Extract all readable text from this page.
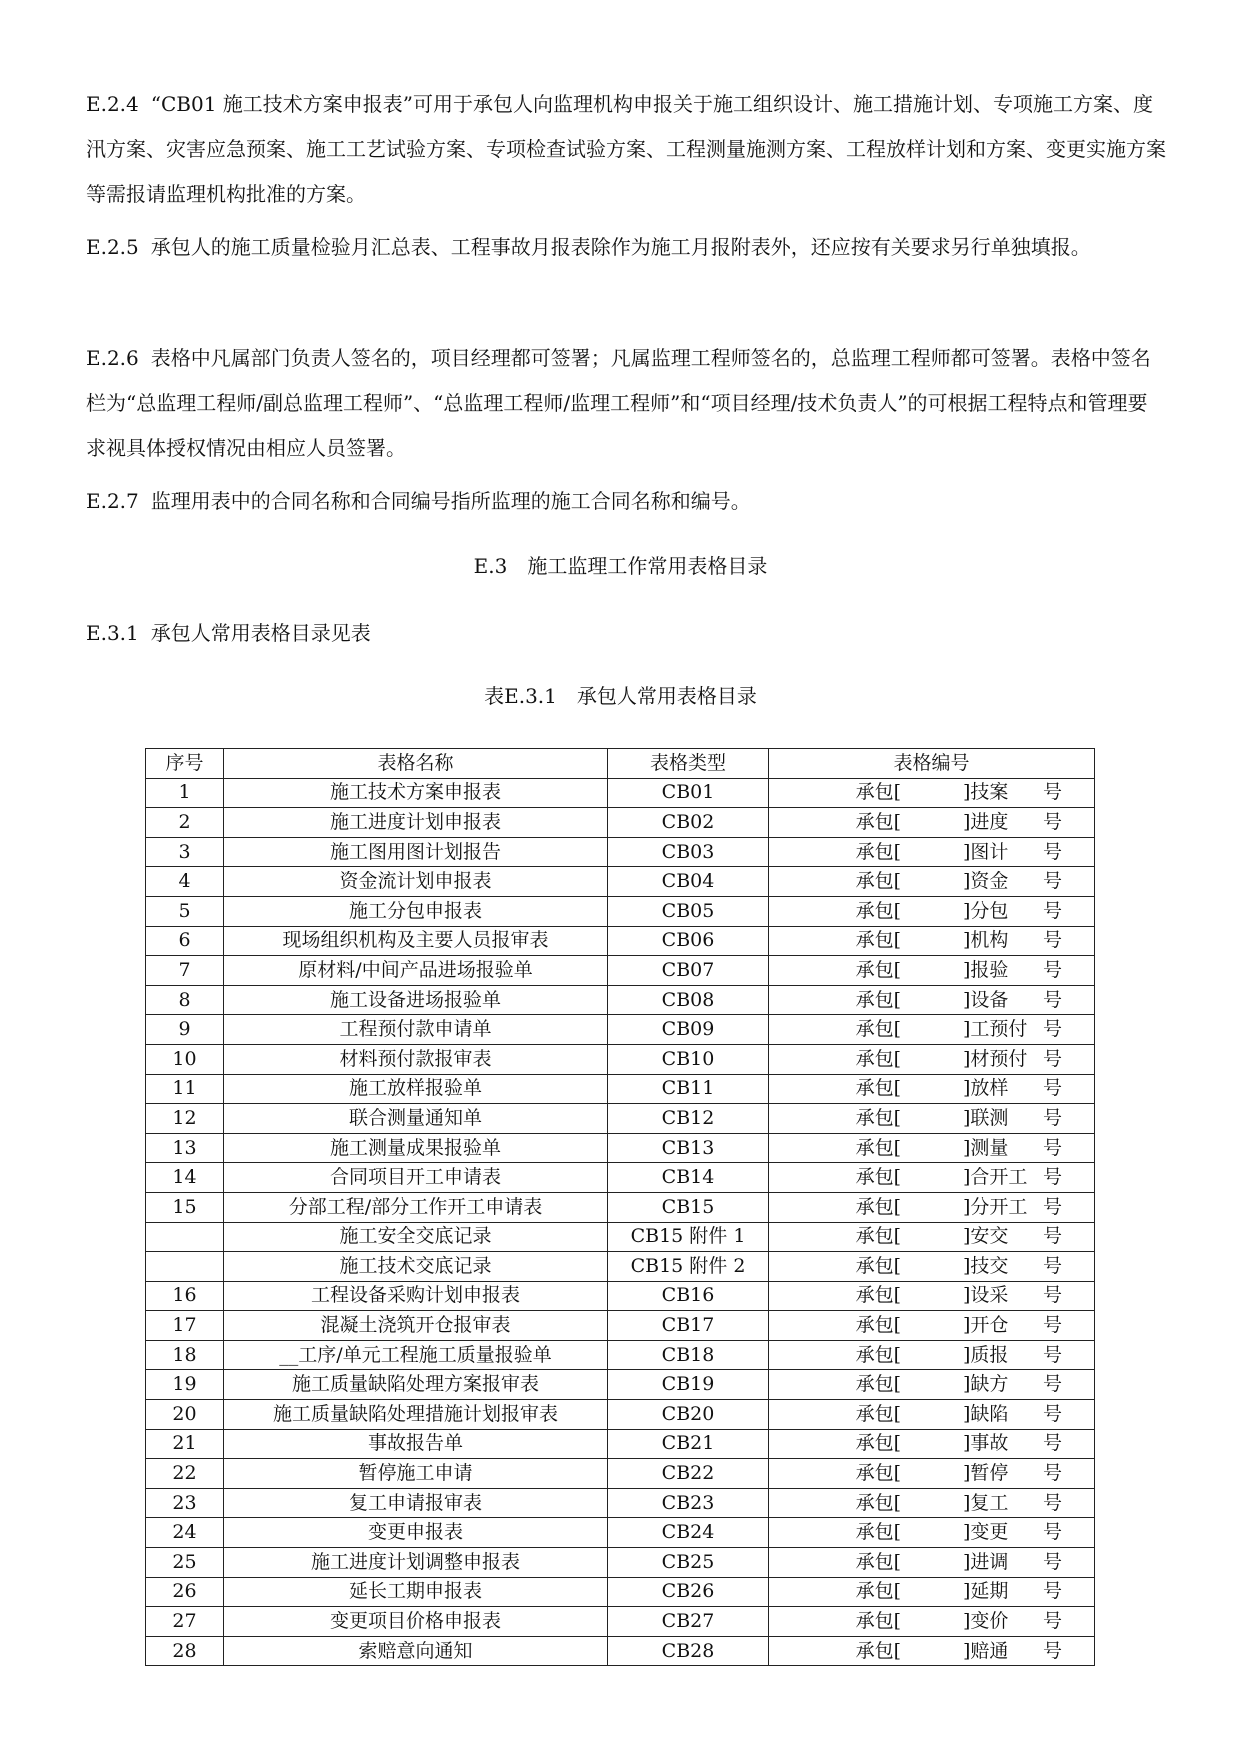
E.2.4 “CB01 施工技术方案申报表”可用于承包人向监理机构申报关于施工组织设计、施工措施计划、专项施工方案、度汛方案、灾害应急预案、施工工艺试验方案、专项检查试验方案、工程测量施测方案、工程放样计划和方案、变更实施方案等需报请监理机构批准的方案。

E.2.5 承包人的施工质量检验月汇总表、工程事故月报表除作为施工月报附表外，还应按有关要求另行单独填报。

E.2.6 表格中凡属部门负责人签名的，项目经理都可签署；凡属监理工程师签名的，总监理工程师都可签署。表格中签名栏为“总监理工程师/副总监理工程师”、“总监理工程师/监理工程师”和“项目经理/技术负责人”的可根据工程特点和管理要求视具体授权情况由相应人员签署。

E.2.7 监理用表中的合同名称和合同编号指所监理的施工合同名称和编号。

E.3　施工监理工作常用表格目录

E.3.1 承包人常用表格目录见表

表E.3.1　承包人常用表格目录
序号	表格名称	表格类型	表格编号
1	施工技术方案申报表	CB01	承包[ ]技案 号

2	施工进度计划申报表	CB02	承包[ ]进度 号

3	施工图用图计划报告	CB03	承包[ ]图计 号

4	资金流计划申报表	CB04	承包[ ]资金 号

5	施工分包申报表	CB05	承包[ ]分包 号

6	现场组织机构及主要人员报审表	CB06	承包[ ]机构 号

7	原材料/中间产品进场报验单	CB07	承包[ ]报验 号

8	施工设备进场报验单	CB08	承包[ ]设备 号

9	工程预付款申请单	CB09	承包[ ]工预付 号

10	材料预付款报审表	CB10	承包[ ]材预付 号

11	施工放样报验单	CB11	承包[ ]放样 号

12	联合测量通知单	CB12	承包[ ]联测 号

13	施工测量成果报验单	CB13	承包[ ]测量 号

14	合同项目开工申请表	CB14	承包[ ]合开工 号

15	分部工程/部分工作开工申请表	CB15	承包[ ]分开工 号

	施工安全交底记录	CB15 附件 1	承包[ ]安交 号

	施工技术交底记录	CB15 附件 2	承包[ ]技交 号

16	工程设备采购计划申报表	CB16	承包[ ]设采 号

17	混凝土浇筑开仓报审表	CB17	承包[ ]开仓 号

18	__工序/单元工程施工质量报验单	CB18	承包[ ]质报 号

19	施工质量缺陷处理方案报审表	CB19	承包[ ]缺方 号

20	施工质量缺陷处理措施计划报审表	CB20	承包[ ]缺陷 号

21	事故报告单	CB21	承包[ ]事故 号

22	暂停施工申请	CB22	承包[ ]暂停 号

23	复工申请报审表	CB23	承包[ ]复工 号

24	变更申报表	CB24	承包[ ]变更 号

25	施工进度计划调整申报表	CB25	承包[ ]进调 号

26	延长工期申报表	CB26	承包[ ]延期 号

27	变更项目价格申报表	CB27	承包[ ]变价 号

28	索赔意向通知	CB28	承包[ ]赔通 号
